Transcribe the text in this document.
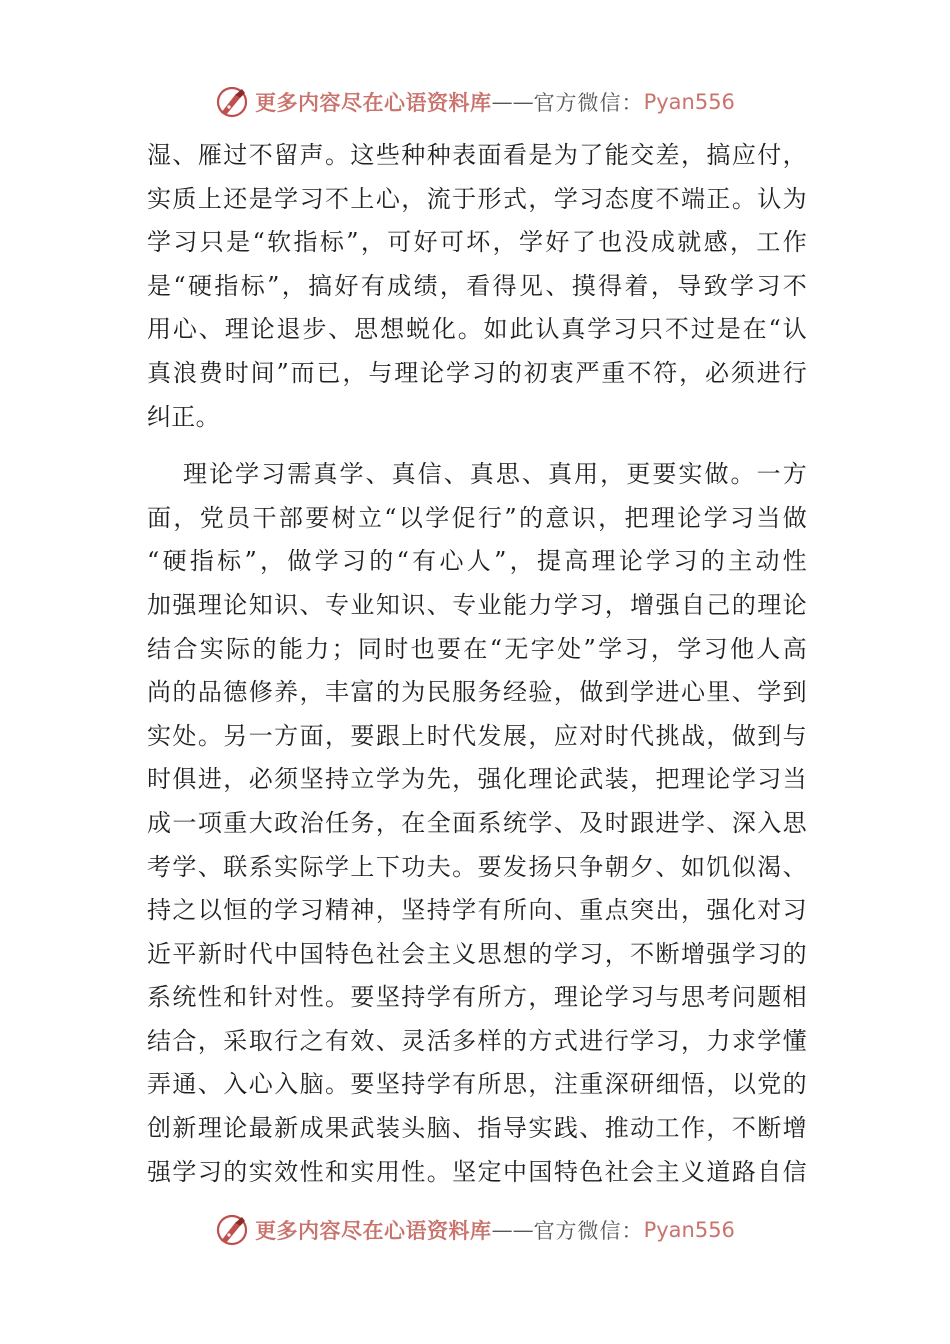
更多内容尽在心语资料库 —— 官方微信： Pyan556
湿、雁过不留声。这些种种表面看是为了能交差，搞应付，
实质上还是学习不上心，流于形式，学习态度不端正。认为
学习只是“软指标”，可好可坏，学好了也没成就感，工作
是“硬指标”，搞好有成绩，看得见、摸得着，导致学习不
用心、理论退步、思想蜕化。如此认真学习只不过是在“认
真浪费时间”而已，与理论学习的初衷严重不符，必须进行
纠正。
理论学习需真学、真信、真思、真用，更要实做。一方
面，党员干部要树立“以学促行”的意识，把理论学习当做
“硬指标”，做学习的“有心人”，提高理论学习的主动性
加强理论知识、专业知识、专业能力学习，增强自己的理论
结合实际的能力；同时也要在“无字处”学习，学习他人高
尚的品德修养，丰富的为民服务经验，做到学进心里、学到
实处。另一方面，要跟上时代发展，应对时代挑战，做到与
时俱进，必须坚持立学为先，强化理论武装，把理论学习当
成一项重大政治任务，在全面系统学、及时跟进学、深入思
考学、联系实际学上下功夫。要发扬只争朝夕、如饥似渴、
持之以恒的学习精神，坚持学有所向、重点突出，强化对习
近平新时代中国特色社会主义思想的学习，不断增强学习的
系统性和针对性。要坚持学有所方，理论学习与思考问题相
结合，采取行之有效、灵活多样的方式进行学习，力求学懂
弄通、入心入脑。要坚持学有所思，注重深研细悟，以党的
创新理论最新成果武装头脑、指导实践、推动工作，不断增
强学习的实效性和实用性。坚定中国特色社会主义道路自信
更多内容尽在心语资料库 —— 官方微信： Pyan556
